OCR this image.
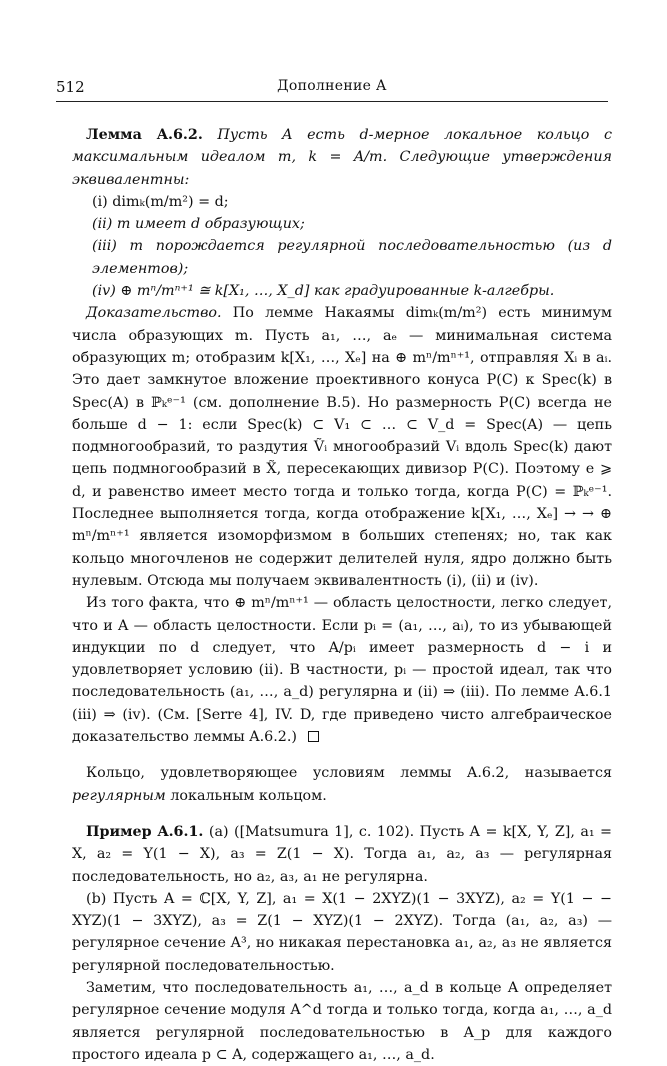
512	Дополнение А

Лемма A.6.2. Пусть A есть d-мерное локальное кольцо с максимальным идеалом m, k = A/m. Следующие утверждения эквивалентны:

(i) dimₖ(m/m²) = d;

(ii) m имеет d образующих;

(iii) m порождается регулярной последовательностью (из d элементов);

(iv) ⊕ mⁿ/mⁿ⁺¹ ≅ k[X₁, …, X_d] как градуированные k-алгебры.

Доказательство. По лемме Накаямы dimₖ(m/m²) есть минимум числа образующих m. Пусть a₁, …, aₑ — минимальная система образующих m; отобразим k[X₁, …, Xₑ] на ⊕ mⁿ/mⁿ⁺¹, отправляя Xᵢ в aᵢ. Это дает замкнутое вложение проективного конуса P(C) к Spec(k) в Spec(A) в ℙₖᵉ⁻¹ (см. дополнение B.5). Но размерность P(C) всегда не больше d − 1: если Spec(k) ⊂ V₁ ⊂ … ⊂ V_d = Spec(A) — цепь подмногообразий, то раздутия Ṽᵢ многообразий Vᵢ вдоль Spec(k) дают цепь подмногообразий в X̃, пересекающих дивизор P(C). Поэтому e ⩾ d, и равенство имеет место тогда и только тогда, когда P(C) = ℙₖᵉ⁻¹. Последнее выполняется тогда, когда отображение k[X₁, …, Xₑ] → → ⊕ mⁿ/mⁿ⁺¹ является изоморфизмом в больших степенях; но, так как кольцо многочленов не содержит делителей нуля, ядро должно быть нулевым. Отсюда мы получаем эквивалентность (i), (ii) и (iv).

Из того факта, что ⊕ mⁿ/mⁿ⁺¹ — область целостности, легко следует, что и A — область целостности. Если pᵢ = (a₁, …, aᵢ), то из убывающей индукции по d следует, что A/pᵢ имеет размерность d − i и удовлетворяет условию (ii). В частности, pᵢ — простой идеал, так что последовательность (a₁, …, a_d) регулярна и (ii) ⇒ (iii). По лемме A.6.1 (iii) ⇒ (iv). (См. [Serre 4], IV. D, где приведено чисто алгебраическое доказательство леммы A.6.2.)

Кольцо, удовлетворяющее условиям леммы A.6.2, называется регулярным локальным кольцом.

Пример A.6.1. (a) ([Matsumura 1], с. 102). Пусть A = k[X, Y, Z], a₁ = X, a₂ = Y(1 − X), a₃ = Z(1 − X). Тогда a₁, a₂, a₃ — регулярная последовательность, но a₂, a₃, a₁ не регулярна.

(b) Пусть A = ℂ[X, Y, Z], a₁ = X(1 − 2XYZ)(1 − 3XYZ), a₂ = Y(1 − − XYZ)(1 − 3XYZ), a₃ = Z(1 − XYZ)(1 − 2XYZ). Тогда (a₁, a₂, a₃) — регулярное сечение A³, но никакая перестановка a₁, a₂, a₃ не является регулярной последовательностью.

Заметим, что последовательность a₁, …, a_d в кольце A определяет регулярное сечение модуля A^d тогда и только тогда, когда a₁, …, a_d является регулярной последовательностью в A_p для каждого простого идеала p ⊂ A, содержащего a₁, …, a_d.
